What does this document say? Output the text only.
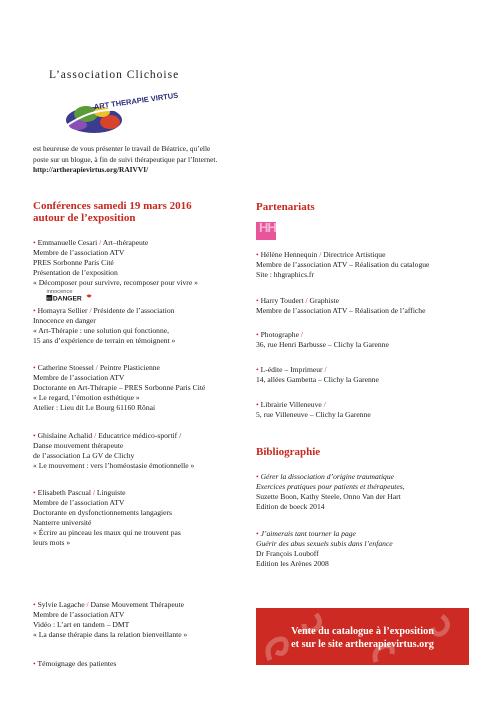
L’association Clichoise
ART THERAPIE VIRTUS
est heureuse de vous présenter le travail de Béatrice, qu’elle
poste sur un blogue, à fin de suivi thérapeutique par l’Internet.
http://artherapievirtus.org/RAIVVI/
Conférences samedi 19 mars 2016
autour de l’exposition
• Emmanuelle Cesari / Art–thérapeute
Membre de l’association ATV
PRES Sorbonne Paris Cité
Présentation de l’exposition
« Décomposer pour survivre, recomposer pour vivre »
innocence
en DANGER
• Homayra Sellier / Présidente de l’association
Innocence en danger
« Art-Thérapie : une solution qui fonctionne,
15 ans d’expérience de terrain en témoignent »
• Catherine Stoessel / Peintre Plasticienne
Membre de l’association ATV
Doctorante en Art-Thérapie – PRES Sorbonne Paris Cité
« Le regard, l’émotion esthétique »
Atelier : Lieu dit Le Bourg 61160 Rônai
• Ghislaine Achalid / Educatrice médico-sportif /
Danse mouvement thérapeute
de l’association La GV de Clichy
« Le mouvement : vers l’homéostasie émotionnelle »
• Elisabeth Pascual / Linguiste
Membre de l’association ATV
Doctorante en dysfonctionnements langagiers
Nanterre université
« Écrire au pinceau les maux qui ne trouvent pas
leurs mots »
• Sylvie Lagache / Danse Mouvement Thérapeute
Membre de l’association ATV
Vidéo : L’art en tandem – DMT
« La danse thérapie dans la relation bienveillante »
• Témoignage des patientes
Partenariats
HH
• Hélène Hennequin / Directrice Artistique
Membre de l’association ATV – Réalisation du catalogue
Site : hhgraphics.fr
• Harry Toudert / Graphiste
Membre de l’association ATV – Réalisation de l’affiche
• Photographe /
36, rue Henri Barbusse – Clichy la Garenne
• L-édite – Imprimeur /
14, allées Gambetta – Clichy la Garenne
• Librairie Villeneuve /
5, rue Villeneuve – Clichy la Garenne
Bibliographie
• Gérer la dissociation d’origine traumatique
Exercices pratiques pour patients et thérapeutes,
Suzette Boon, Kathy Steele, Onno Van der Hart
Edition de boeck 2014
• J’aimerais tant tourner la page
Guérir des abus sexuels subis dans l’enfance
Dr François Louboff
Edition les Arènes 2008
Vente du catalogue à l’exposition
et sur le site artherapievirtus.org
